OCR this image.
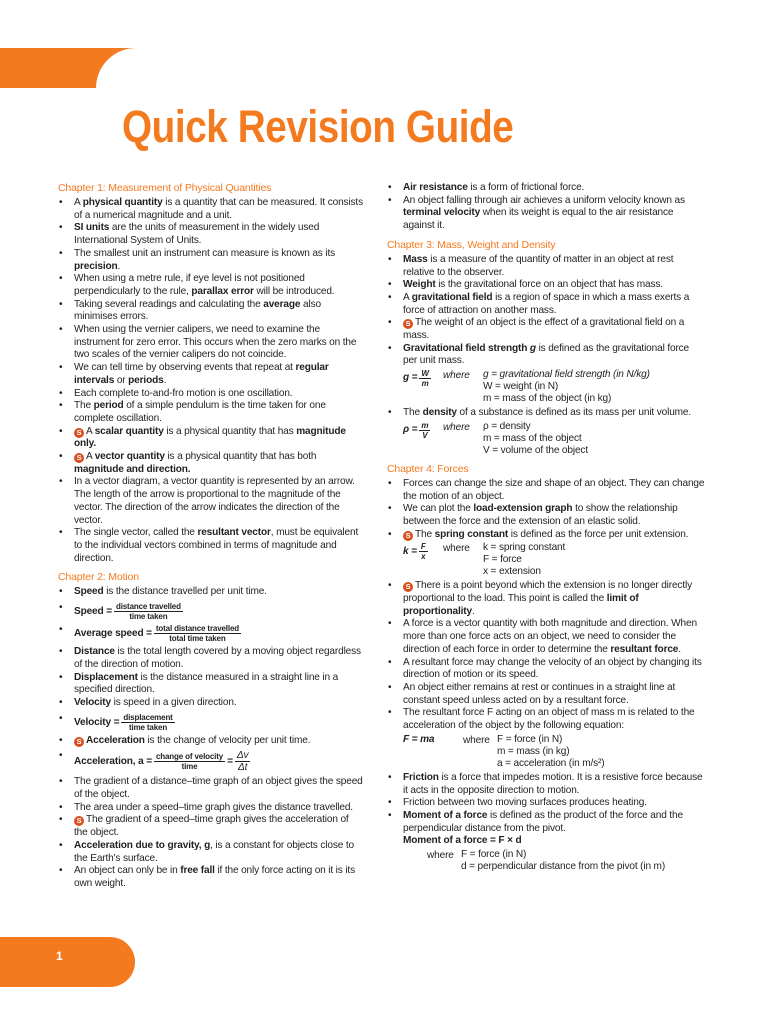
Quick Revision Guide
Chapter 1: Measurement of Physical Quantities
• A physical quantity is a quantity that can be measured. It consists of a numerical magnitude and a unit.
• SI units are the units of measurement in the widely used International System of Units.
• The smallest unit an instrument can measure is known as its precision.
• When using a metre rule, if eye level is not positioned perpendicularly to the rule, parallax error will be introduced.
• Taking several readings and calculating the average also minimises errors.
• When using the vernier calipers, we need to examine the instrument for zero error. This occurs when the zero marks on the two scales of the vernier calipers do not coincide.
• We can tell time by observing events that repeat at regular intervals or periods.
• Each complete to-and-fro motion is one oscillation.
• The period of a simple pendulum is the time taken for one complete oscillation.
• S A scalar quantity is a physical quantity that has magnitude only.
• S A vector quantity is a physical quantity that has both magnitude and direction.
• In a vector diagram, a vector quantity is represented by an arrow. The length of the arrow is proportional to the magnitude of the vector. The direction of the arrow indicates the direction of the vector.
• The single vector, called the resultant vector, must be equivalent to the individual vectors combined in terms of magnitude and direction.
Chapter 2: Motion
• Speed is the distance travelled per unit time.
• Speed = $\frac{\text{distance travelled}}{\text{time taken}}$
• Average speed = $\frac{\text{total distance travelled}}{\text{total time taken}}$
• Distance is the total length covered by a moving object regardless of the direction of motion.
• Displacement is the distance measured in a straight line in a specified direction.
• Velocity is speed in a given direction.
• Velocity = $\frac{\text{displacement}}{\text{time taken}}$
• S Acceleration is the change of velocity per unit time.
• Acceleration, $a = \frac{\text{change of velocity}}{\text{time}} = \frac{\Delta v}{\Delta t}$
• The gradient of a distance–time graph of an object gives the speed of the object.
• The area under a speed–time graph gives the distance travelled.
• S The gradient of a speed–time graph gives the acceleration of the object.
• Acceleration due to gravity, g, is a constant for objects close to the Earth's surface.
• An object can only be in free fall if the only force acting on it is its own weight.
• Air resistance is a form of frictional force.
• An object falling through air achieves a uniform velocity known as terminal velocity when its weight is equal to the air resistance against it.
Chapter 3: Mass, Weight and Density
• Mass is a measure of the quantity of matter in an object at rest relative to the observer.
• Weight is the gravitational force on an object that has mass.
• A gravitational field is a region of space in which a mass exerts a force of attraction on another mass.
• S The weight of an object is the effect of a gravitational field on a mass.
• Gravitational field strength g is defined as the gravitational force per unit mass.
$g = \frac{W}{m}$ where	g = gravitational field strength (in N/kg)
W = weight (in N)
m = mass of the object (in kg)
• The density of a substance is defined as its mass per unit volume.
$\rho = \frac{m}{V}$ where	ρ = density
m = mass of the object
V = volume of the object
Chapter 4: Forces
• Forces can change the size and shape of an object. They can change the motion of an object.
• We can plot the load-extension graph to show the relationship between the force and the extension of an elastic solid.
• S The spring constant is defined as the force per unit extension.
$k = \frac{F}{x}$ where	k = spring constant
F = force
x = extension
• S There is a point beyond which the extension is no longer directly proportional to the load. This point is called the limit of proportionality.
• A force is a vector quantity with both magnitude and direction. When more than one force acts on an object, we need to consider the direction of each force in order to determine the resultant force.
• A resultant force may change the velocity of an object by changing its direction of motion or its speed.
• An object either remains at rest or continues in a straight line at constant speed unless acted on by a resultant force.
• The resultant force F acting on an object of mass m is related to the acceleration of the object by the following equation:
F = ma	where F = force (in N)
m = mass (in kg)
a = acceleration (in m/s²)
• Friction is a force that impedes motion. It is a resistive force because it acts in the opposite direction to motion.
• Friction between two moving surfaces produces heating.
• Moment of a force is defined as the product of the force and the perpendicular distance from the pivot.
Moment of a force = F × d
where F = force (in N)
d = perpendicular distance from the pivot (in m)
1
